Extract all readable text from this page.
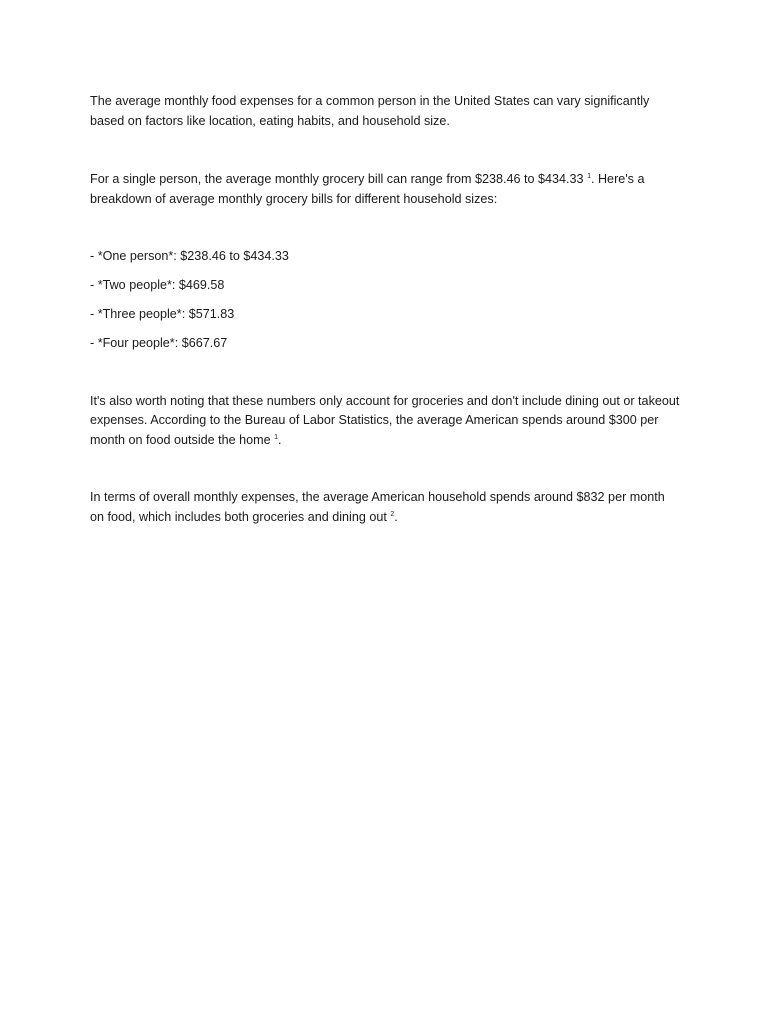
The average monthly food expenses for a common person in the United States can vary significantly based on factors like location, eating habits, and household size.

For a single person, the average monthly grocery bill can range from $238.46 to $434.33 $^1$. Here's a breakdown of average monthly grocery bills for different household sizes:

- *One person*: $238.46 to $434.33

- *Two people*: $469.58

- *Three people*: $571.83

- *Four people*: $667.67

It's also worth noting that these numbers only account for groceries and don't include dining out or takeout expenses. According to the Bureau of Labor Statistics, the average American spends around $300 per month on food outside the home $^1$.

In terms of overall monthly expenses, the average American household spends around $832 per month on food, which includes both groceries and dining out $^2$.
